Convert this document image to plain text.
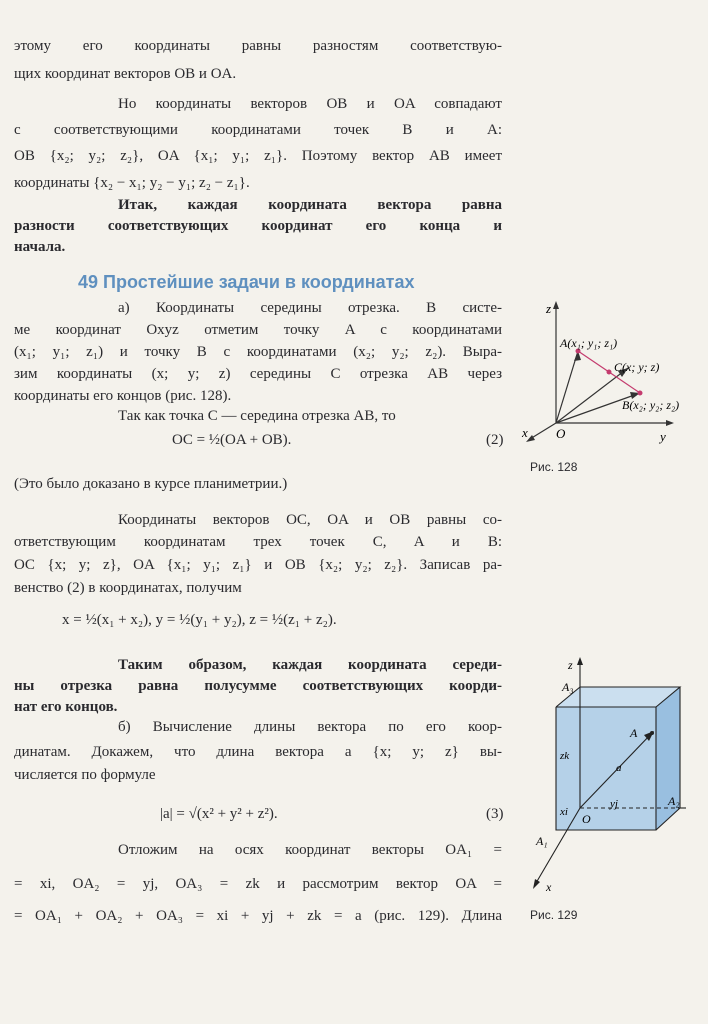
этому его координаты равны разностям соответствую-
щих координат векторов OB и OA.
Но координаты векторов OB и OA совпадают
с соответствующими координатами точек B и A:
OB {x₂; y₂; z₂}, OA {x₁; y₁; z₁}. Поэтому вектор AB имеет
координаты {x₂ − x₁; y₂ − y₁; z₂ − z₁}.
Итак, каждая координата вектора равна
разности соответствующих координат его конца и
начала.
49 Простейшие задачи в координатах
а) Координаты середины отрезка. В систе-
ме координат Oxyz отметим точку A с координатами
(x₁; y₁; z₁) и точку B с координатами (x₂; y₂; z₂). Выра-
зим координаты (x; y; z) середины C отрезка AB через
координаты его концов (рис. 128).
Так как точка C — середина отрезка AB, то
OC = ½(OA + OB).	(2)
(Это было доказано в курсе планиметрии.)
Координаты векторов OC, OA и OB равны со-
ответствующим координатам трех точек C, A и B:
OC {x; y; z}, OA {x₁; y₁; z₁} и OB {x₂; y₂; z₂}. Записав ра-
венство (2) в координатах, получим
x = ½(x₁ + x₂), y = ½(y₁ + y₂), z = ½(z₁ + z₂).
Таким образом, каждая координата середи-
ны отрезка равна полусумме соответствующих коорди-
нат его концов.
б) Вычисление длины вектора по его коор-
динатам. Докажем, что длина вектора a {x; y; z} вы-
числяется по формуле
|a| = √(x² + y² + z²).	(3)
Отложим на осях координат векторы OA₁ =
= xi, OA₂ = yj, OA₃ = zk и рассмотрим вектор OA =
= OA₁ + OA₂ + OA₃ = xi + yj + zk = a (рис. 129). Длина
z
y
x O
A(x₁; y₁; z₁)
C(x; y; z)
B(x₂; y₂; z₂)
Рис. 128
z
A₃
A
zk
a
yj
xi O
A₂
A₁
x
Рис. 129
